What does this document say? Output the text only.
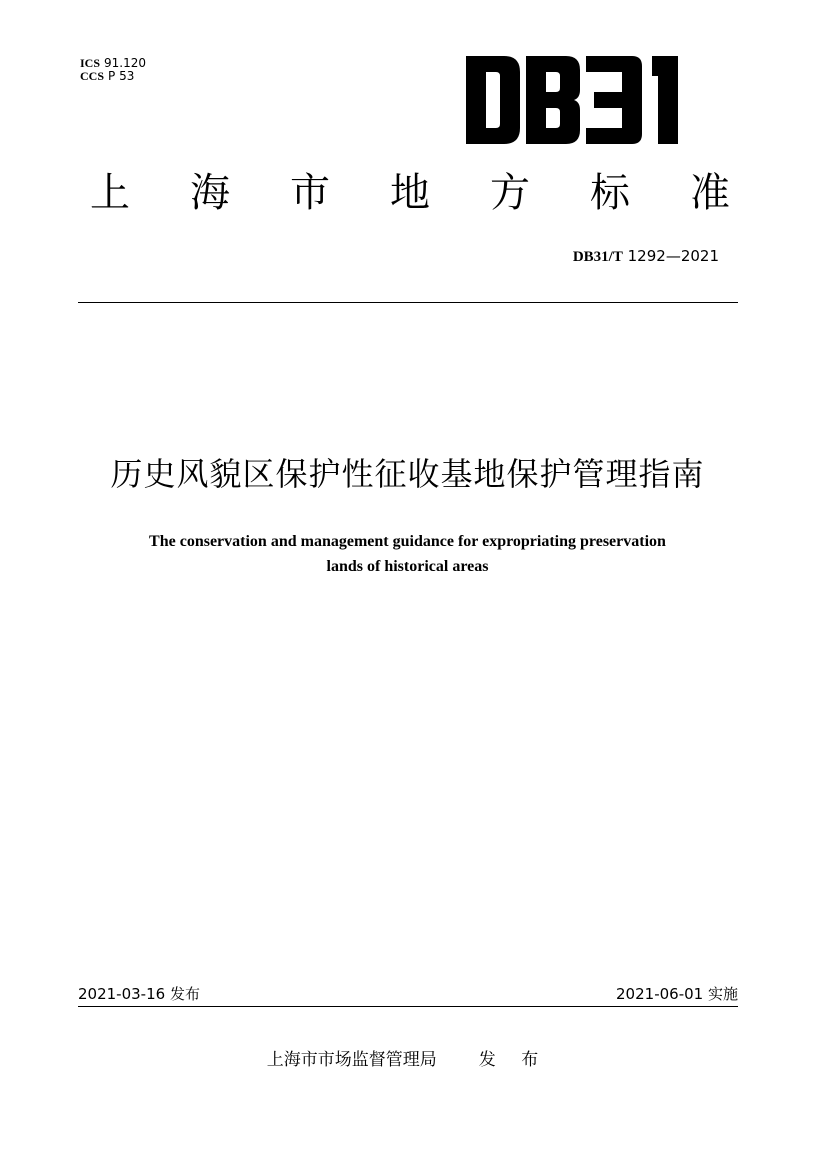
ICS 91.120
CCS P 53
上 海 市 地 方 标 准
DB31/T 1292—2021
历史风貌区保护性征收基地保护管理指南
The conservation and management guidance for expropriating preservation
lands of historical areas
2021-03-16 发布	2021-06-01 实施
上海市市场监督管理局 发 布
